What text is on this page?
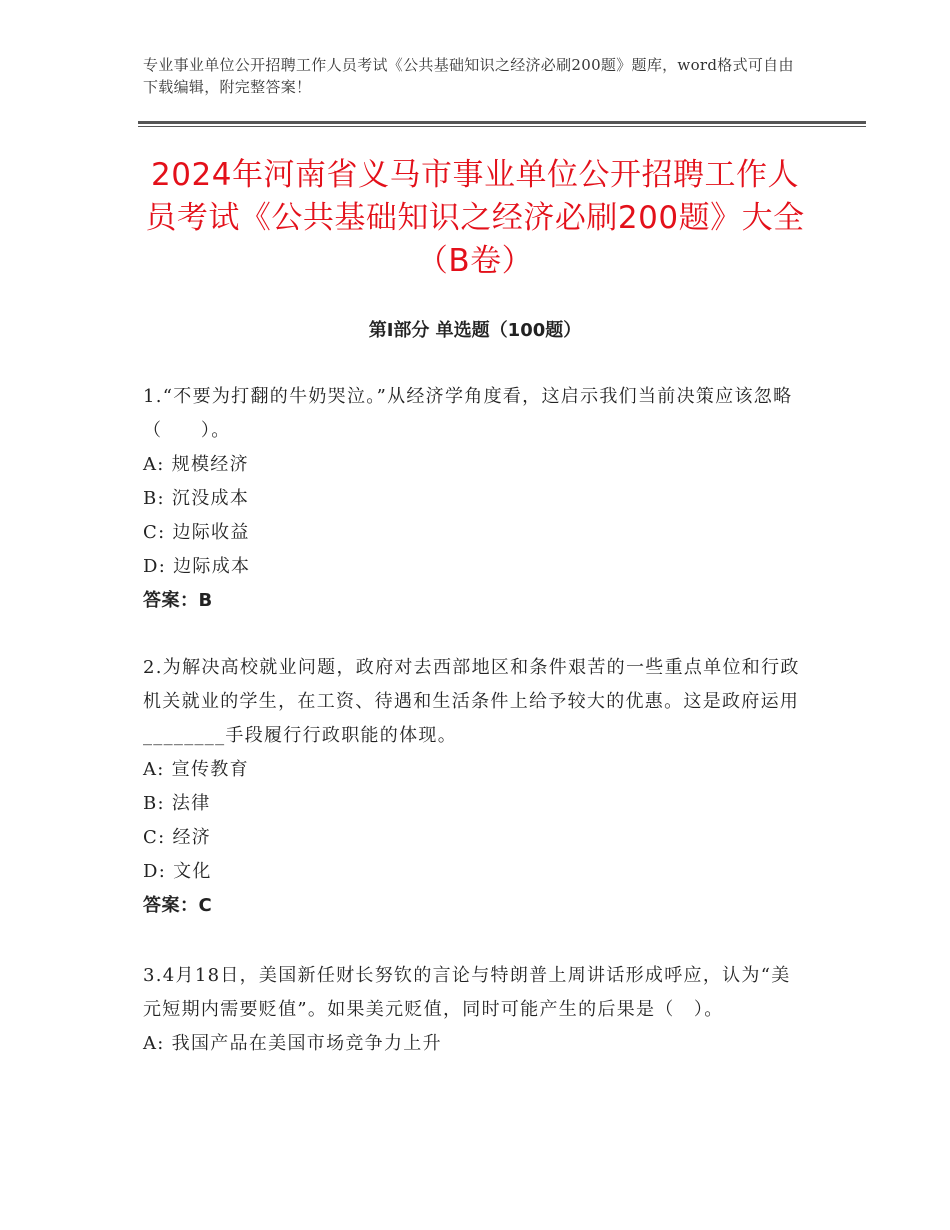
专业事业单位公开招聘工作人员考试《公共基础知识之经济必刷200题》题库，word格式可自由下载编辑，附完整答案！
2024年河南省义马市事业单位公开招聘工作人员考试《公共基础知识之经济必刷200题》大全（B卷）
第Ⅰ部分 单选题（100题）

1.“不要为打翻的牛奶哭泣。”从经济学角度看，这启示我们当前决策应该忽略（　　）。

A: 规模经济

B: 沉没成本

C: 边际收益

D: 边际成本

答案：B

2.为解决高校就业问题，政府对去西部地区和条件艰苦的一些重点单位和行政机关就业的学生，在工资、待遇和生活条件上给予较大的优惠。这是政府运用________手段履行行政职能的体现。

A: 宣传教育

B: 法律

C: 经济

D: 文化

答案：C

3.4月18日，美国新任财长努钦的言论与特朗普上周讲话形成呼应，认为“美元短期内需要贬值”。如果美元贬值，同时可能产生的后果是（　）。

A: 我国产品在美国市场竞争力上升
